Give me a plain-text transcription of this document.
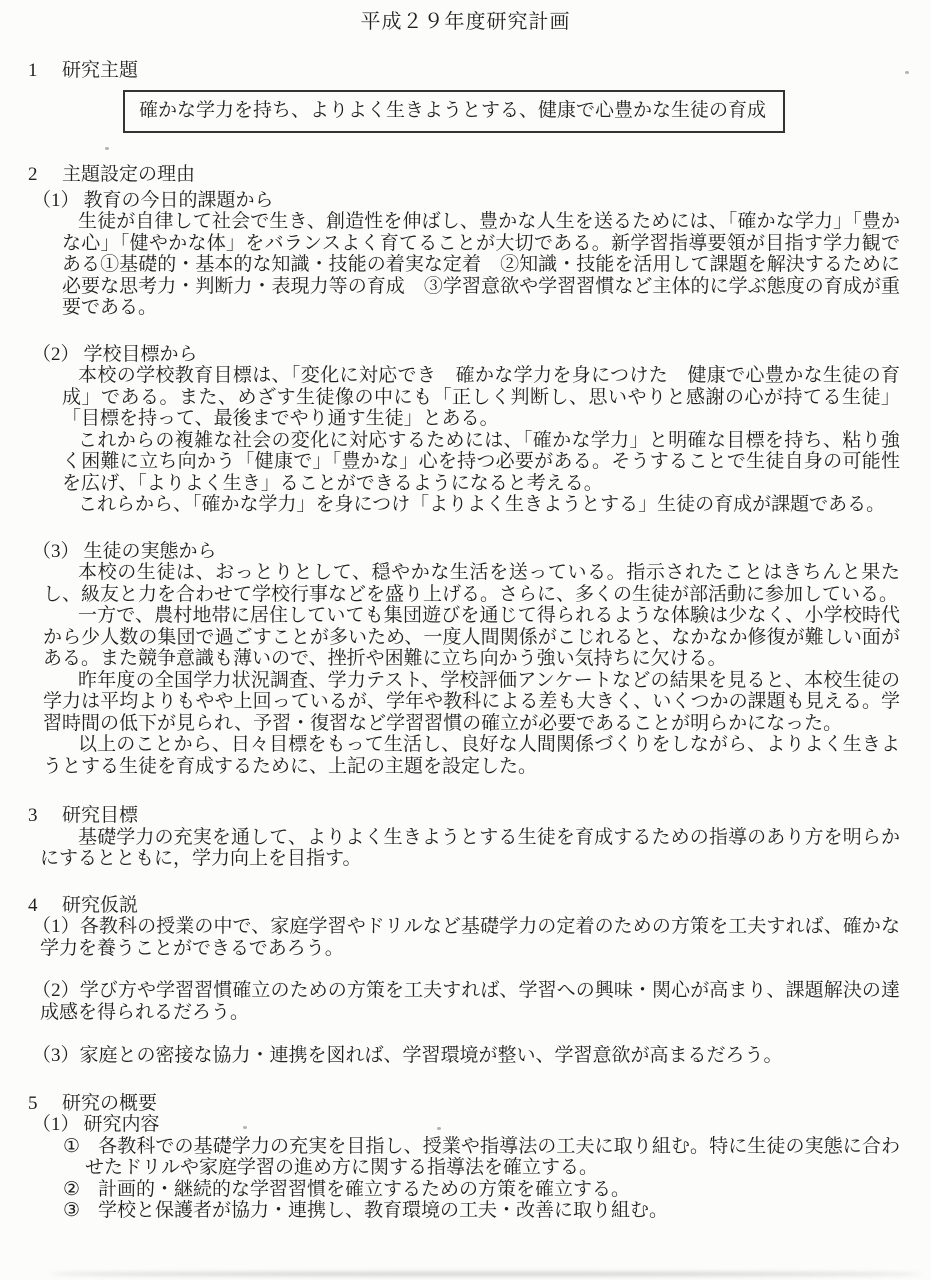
平成２９年度研究計画
1 研究主題
確かな学力を持ち、よりよく生きようとする、健康で心豊かな生徒の育成
2 主題設定の理由
（1） 教育の今日的課題から
生徒が自律して社会で生き、創造性を伸ばし、豊かな人生を送るためには、「確かな学力」「豊かな心」「健やかな体」をバランスよく育てることが大切である。新学習指導要領が目指す学力観である①基礎的・基本的な知識・技能の着実な定着　②知識・技能を活用して課題を解決するために必要な思考力・判断力・表現力等の育成　③学習意欲や学習習慣など主体的に学ぶ態度の育成が重要である。
（2） 学校目標から
本校の学校教育目標は、「変化に対応でき　確かな学力を身につけた　健康で心豊かな生徒の育成」である。また、めざす生徒像の中にも「正しく判断し、思いやりと感謝の心が持てる生徒」「目標を持って、最後までやり通す生徒」とある。
これからの複雑な社会の変化に対応するためには、「確かな学力」と明確な目標を持ち、粘り強く困難に立ち向かう「健康で」「豊かな」心を持つ必要がある。そうすることで生徒自身の可能性を広げ、「よりよく生き」ることができるようになると考える。
これらから、「確かな学力」を身につけ「よりよく生きようとする」生徒の育成が課題である。
（3） 生徒の実態から
本校の生徒は、おっとりとして、穏やかな生活を送っている。指示されたことはきちんと果たし、級友と力を合わせて学校行事などを盛り上げる。さらに、多くの生徒が部活動に参加している。
一方で、農村地帯に居住していても集団遊びを通じて得られるような体験は少なく、小学校時代から少人数の集団で過ごすことが多いため、一度人間関係がこじれると、なかなか修復が難しい面がある。また競争意識も薄いので、挫折や困難に立ち向かう強い気持ちに欠ける。
昨年度の全国学力状況調査、学力テスト、学校評価アンケートなどの結果を見ると、本校生徒の学力は平均よりもやや上回っているが、学年や教科による差も大きく、いくつかの課題も見える。学習時間の低下が見られ、予習・復習など学習習慣の確立が必要であることが明らかになった。
以上のことから、日々目標をもって生活し、良好な人間関係づくりをしながら、よりよく生きようとする生徒を育成するために、上記の主題を設定した。
3 研究目標
基礎学力の充実を通して、よりよく生きようとする生徒を育成するための指導のあり方を明らかにするとともに，学力向上を目指す。
4 研究仮説
（1）各教科の授業の中で、家庭学習やドリルなど基礎学力の定着のための方策を工夫すれば、確かな学力を養うことができるであろう。
（2）学び方や学習習慣確立のための方策を工夫すれば、学習への興味・関心が高まり、課題解決の達成感を得られるだろう。
（3）家庭との密接な協力・連携を図れば、学習環境が整い、学習意欲が高まるだろう。
5 研究の概要
（1） 研究内容
① 各教科での基礎学力の充実を目指し、授業や指導法の工夫に取り組む。特に生徒の実態に合わせたドリルや家庭学習の進め方に関する指導法を確立する。
② 計画的・継続的な学習習慣を確立するための方策を確立する。
③ 学校と保護者が協力・連携し、教育環境の工夫・改善に取り組む。
